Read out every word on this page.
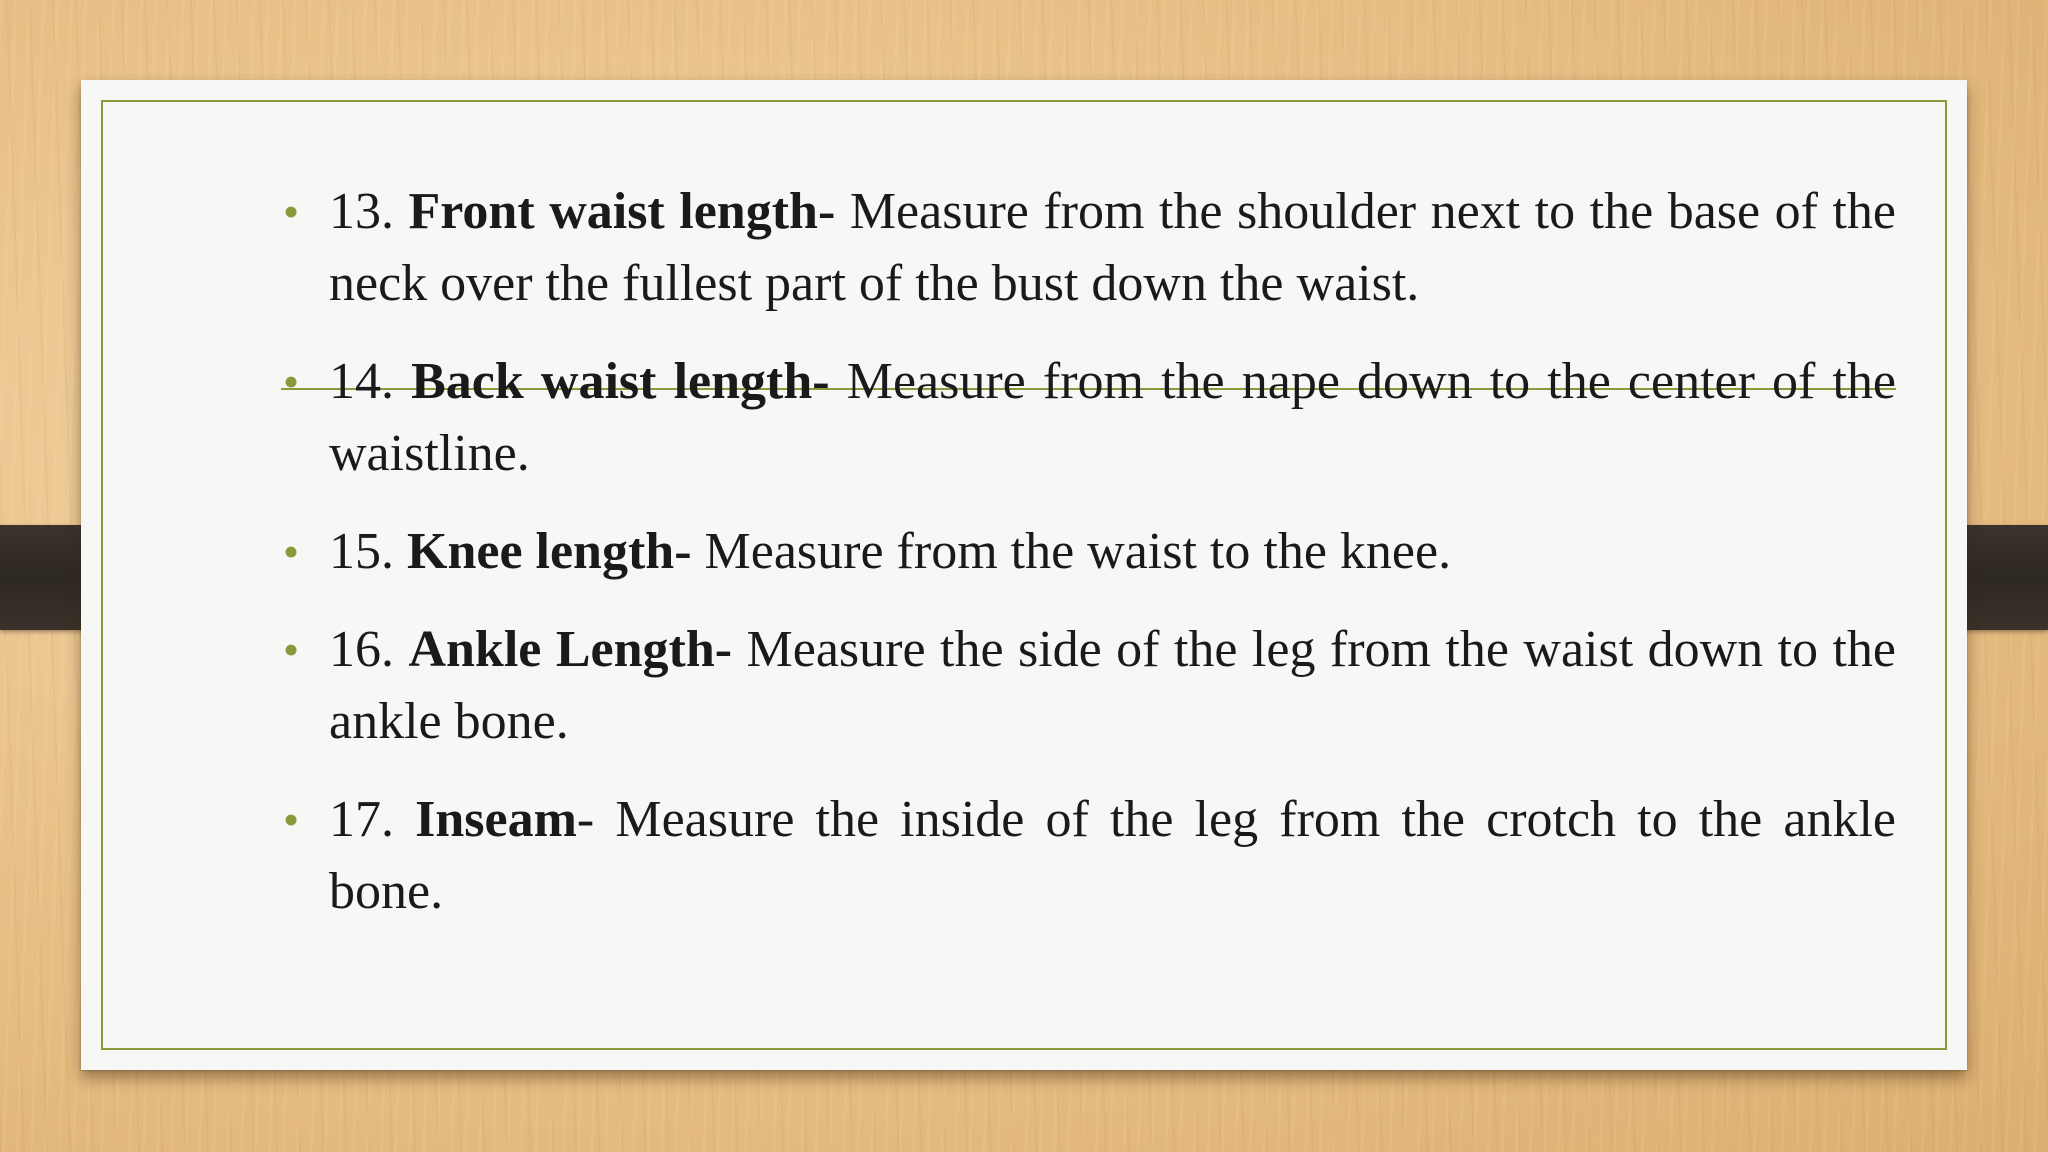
• 13. Front waist length- Measure from the shoulder next to the base of the neck over the fullest part of the bust down the waist.
• 14. Back waist length- Measure from the nape down to the center of the waistline.
• 15. Knee length- Measure from the waist to the knee.
• 16. Ankle Length- Measure the side of the leg from the waist down to the ankle bone.
• 17. Inseam- Measure the inside of the leg from the crotch to the ankle bone.
